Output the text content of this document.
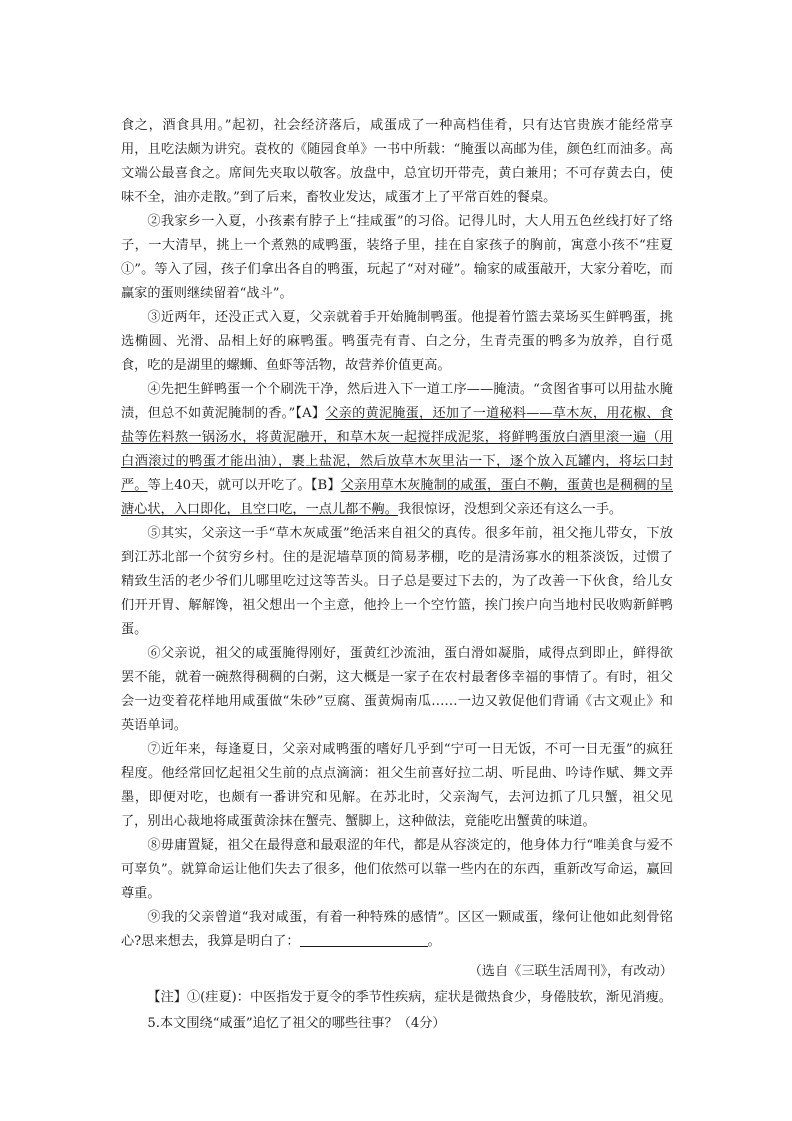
食之，酒食具用。”起初，社会经济落后，咸蛋成了一种高档佳肴，只有达官贵族才能经常享用，且吃法颇为讲究。袁枚的《随园食单》一书中所载：“腌蛋以高邮为佳，颜色红而油多。高文端公最喜食之。席间先夹取以敬客。放盘中，总宜切开带壳，黄白兼用；不可存黄去白，使味不全，油亦走散。”到了后来，畜牧业发达，咸蛋才上了平常百姓的餐桌。

②我家乡一入夏，小孩素有脖子上“挂咸蛋”的习俗。记得儿时，大人用五色丝线打好了络子，一大清早，挑上一个煮熟的咸鸭蛋，装络子里，挂在自家孩子的胸前，寓意小孩不“疰夏①”。等入了园，孩子们拿出各自的鸭蛋，玩起了“对对碰”。输家的咸蛋敲开，大家分着吃，而赢家的蛋则继续留着“战斗”。

③近两年，还没正式入夏，父亲就着手开始腌制鸭蛋。他提着竹篮去菜场买生鲜鸭蛋，挑选椭圆、光滑、品相上好的麻鸭蛋。鸭蛋壳有青、白之分，生青壳蛋的鸭多为放养，自行觅食，吃的是湖里的螺蛳、鱼虾等活物，故营养价值更高。

④先把生鲜鸭蛋一个个刷洗干净，然后进入下一道工序——腌渍。“贪图省事可以用盐水腌渍，但总不如黄泥腌制的香。”【A】父亲的黄泥腌蛋，还加了一道秘料——草木灰，用花椒、食盐等佐料熬一锅汤水，将黄泥融开，和草木灰一起搅拌成泥浆，将鲜鸭蛋放白酒里滚一遍（用白酒滚过的鸭蛋才能出油），裹上盐泥，然后放草木灰里沾一下，逐个放入瓦罐内，将坛口封严。等上40天，就可以开吃了。【B】父亲用草木灰腌制的咸蛋，蛋白不齁，蛋黄也是稠稠的呈溏心状，入口即化，且空口吃，一点儿都不齁。我很惊讶，没想到父亲还有这么一手。

⑤其实，父亲这一手“草木灰咸蛋”绝活来自祖父的真传。很多年前，祖父拖儿带女，下放到江苏北部一个贫穷乡村。住的是泥墙草顶的简易茅棚，吃的是清汤寡水的粗茶淡饭，过惯了精致生活的老少爷们儿哪里吃过这等苦头。日子总是要过下去的，为了改善一下伙食，给儿女们开开胃、解解馋，祖父想出一个主意，他拎上一个空竹篮，挨门挨户向当地村民收购新鲜鸭蛋。

⑥父亲说，祖父的咸蛋腌得刚好，蛋黄红沙流油，蛋白滑如凝脂，咸得点到即止，鲜得欲罢不能，就着一碗熬得稠稠的白粥，这大概是一家子在农村最奢侈幸福的事情了。有时，祖父会一边变着花样地用咸蛋做“朱砂”豆腐、蛋黄焗南瓜……一边又敦促他们背诵《古文观止》和英语单词。

⑦近年来，每逢夏日，父亲对咸鸭蛋的嗜好几乎到“宁可一日无饭，不可一日无蛋”的疯狂程度。他经常回忆起祖父生前的点点滴滴：祖父生前喜好拉二胡、听昆曲、吟诗作赋、舞文弄墨，即便对吃，也颇有一番讲究和见解。在苏北时，父亲淘气，去河边抓了几只蟹，祖父见了，别出心裁地将咸蛋黄涂抹在蟹壳、蟹脚上，这种做法，竟能吃出蟹黄的味道。

⑧毋庸置疑，祖父在最得意和最艰涩的年代，都是从容淡定的，他身体力行“唯美食与爱不可辜负”。就算命运让他们失去了很多，他们依然可以靠一些内在的东西，重新改写命运，赢回尊重。

⑨我的父亲曾道“我对咸蛋，有着一种特殊的感情”。区区一颗咸蛋，缘何让他如此刻骨铭心?思来想去，我算是明白了：	。

（选自《三联生活周刊》，有改动）

【注】①(疰夏)：中医指发于夏令的季节性疾病，症状是微热食少，身倦肢软，渐见消瘦。

5.本文围绕“咸蛋”追忆了祖父的哪些往事？（4分）
